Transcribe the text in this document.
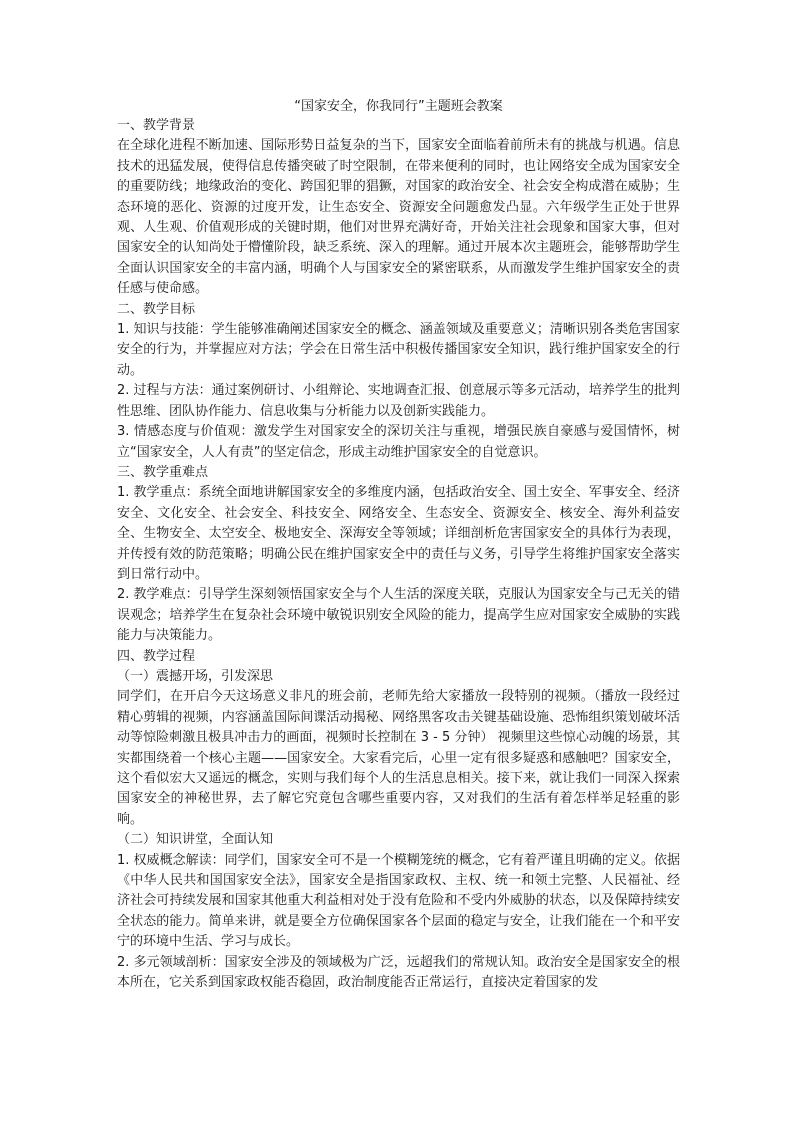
“国家安全，你我同行”主题班会教案

一、教学背景

在全球化进程不断加速、国际形势日益复杂的当下，国家安全面临着前所未有的挑战与机遇。信息技术的迅猛发展，使得信息传播突破了时空限制，在带来便利的同时，也让网络安全成为国家安全的重要防线；地缘政治的变化、跨国犯罪的猖獗，对国家的政治安全、社会安全构成潜在威胁；生态环境的恶化、资源的过度开发，让生态安全、资源安全问题愈发凸显。六年级学生正处于世界观、人生观、价值观形成的关键时期，他们对世界充满好奇，开始关注社会现象和国家大事，但对国家安全的认知尚处于懵懂阶段，缺乏系统、深入的理解。通过开展本次主题班会，能够帮助学生全面认识国家安全的丰富内涵，明确个人与国家安全的紧密联系，从而激发学生维护国家安全的责任感与使命感。

二、教学目标

1. 知识与技能：学生能够准确阐述国家安全的概念、涵盖领域及重要意义；清晰识别各类危害国家安全的行为，并掌握应对方法；学会在日常生活中积极传播国家安全知识，践行维护国家安全的行动。

2. 过程与方法：通过案例研讨、小组辩论、实地调查汇报、创意展示等多元活动，培养学生的批判性思维、团队协作能力、信息收集与分析能力以及创新实践能力。

3. 情感态度与价值观：激发学生对国家安全的深切关注与重视，增强民族自豪感与爱国情怀，树立“国家安全，人人有责”的坚定信念，形成主动维护国家安全的自觉意识。

三、教学重难点

1. 教学重点：系统全面地讲解国家安全的多维度内涵，包括政治安全、国土安全、军事安全、经济安全、文化安全、社会安全、科技安全、网络安全、生态安全、资源安全、核安全、海外利益安全、生物安全、太空安全、极地安全、深海安全等领域；详细剖析危害国家安全的具体行为表现，并传授有效的防范策略；明确公民在维护国家安全中的责任与义务，引导学生将维护国家安全落实到日常行动中。

2. 教学难点：引导学生深刻领悟国家安全与个人生活的深度关联，克服认为国家安全与己无关的错误观念；培养学生在复杂社会环境中敏锐识别安全风险的能力，提高学生应对国家安全威胁的实践能力与决策能力。

四、教学过程

（一）震撼开场，引发深思

同学们，在开启今天这场意义非凡的班会前，老师先给大家播放一段特别的视频。（播放一段经过精心剪辑的视频，内容涵盖国际间谍活动揭秘、网络黑客攻击关键基础设施、恐怖组织策划破坏活动等惊险刺激且极具冲击力的画面，视频时长控制在 3 - 5 分钟） 视频里这些惊心动魄的场景，其实都围绕着一个核心主题——国家安全。大家看完后，心里一定有很多疑惑和感触吧？国家安全，这个看似宏大又遥远的概念，实则与我们每个人的生活息息相关。接下来，就让我们一同深入探索国家安全的神秘世界，去了解它究竟包含哪些重要内容，又对我们的生活有着怎样举足轻重的影响。

（二）知识讲堂，全面认知

1. 权威概念解读：同学们，国家安全可不是一个模糊笼统的概念，它有着严谨且明确的定义。依据《中华人民共和国国家安全法》，国家安全是指国家政权、主权、统一和领土完整、人民福祉、经济社会可持续发展和国家其他重大利益相对处于没有危险和不受内外威胁的状态，以及保障持续安全状态的能力。简单来讲，就是要全方位确保国家各个层面的稳定与安全，让我们能在一个和平安宁的环境中生活、学习与成长。

2. 多元领域剖析：国家安全涉及的领域极为广泛，远超我们的常规认知。政治安全是国家安全的根本所在，它关系到国家政权能否稳固，政治制度能否正常运行，直接决定着国家的发
